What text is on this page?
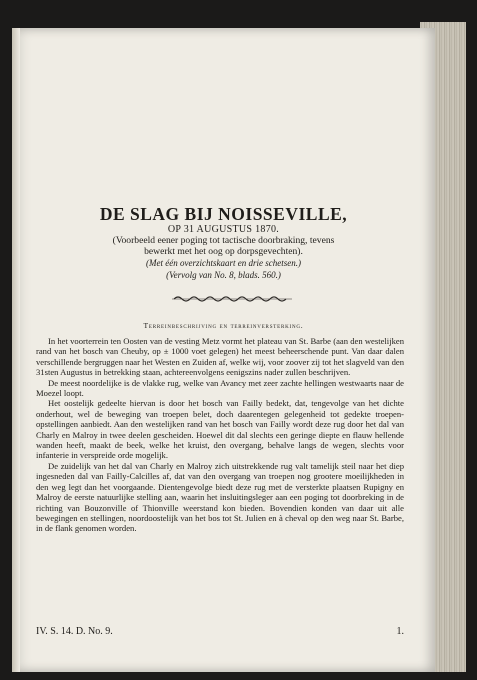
DE SLAG BIJ NOISSEVILLE,
OP 31 AUGUSTUS 1870.
(Voorbeeld eener poging tot tactische doorbraking, tevens
bewerkt met het oog op dorpsgevechten).
(Met één overzichtskaart en drie schetsen.)
(Vervolg van No. 8, blads. 560.)
Terreinbeschrijving en terreinversterking.

In het voorterrein ten Oosten van de vesting Metz vormt het plateau van St. Barbe (aan den westelijken rand van het bosch van Cheuby, op ± 1000 voet gelegen) het meest beheerschende punt. Van daar dalen verschillende bergruggen naar het Westen en Zuiden af, welke wij, voor zoover zij tot het slagveld van den 31sten Augustus in betrekking staan, achtereenvolgens eenigszins nader zullen beschrijven.

De meest noordelijke is de vlakke rug, welke van Avancy met zeer zachte hellingen westwaarts naar de Moezel loopt.

Het oostelijk gedeelte hiervan is door het bosch van Failly bedekt, dat, tengevolge van het dichte onderhout, wel de beweging van troepen belet, doch daarentegen gelegenheid tot gedekte troepen-opstellingen aanbiedt. Aan den westelijken rand van het bosch van Failly wordt deze rug door het dal van Charly en Malroy in twee deelen gescheiden. Hoewel dit dal slechts een geringe diepte en flauw hellende wanden heeft, maakt de beek, welke het kruist, den overgang, behalve langs de wegen, slechts voor infanterie in verspreide orde mogelijk.

De zuidelijk van het dal van Charly en Malroy zich uitstrekkende rug valt tamelijk steil naar het diep ingesneden dal van Failly-Calcilles af, dat van den overgang van troepen nog grootere moeilijkheden in den weg legt dan het voorgaande. Dientengevolge biedt deze rug met de versterkte plaatsen Rupigny en Malroy de eerste natuurlijke stelling aan, waarin het insluitingsleger aan een poging tot doorbreking in de richting van Bouzonville of Thionville weerstand kon bieden. Bovendien konden van daar uit alle bewegingen en stellingen, noordoostelijk van het bos tot St. Julien en à cheval op den weg naar St. Barbe, in de flank genomen worden.

IV. S. 14. D. No. 9.	1.
